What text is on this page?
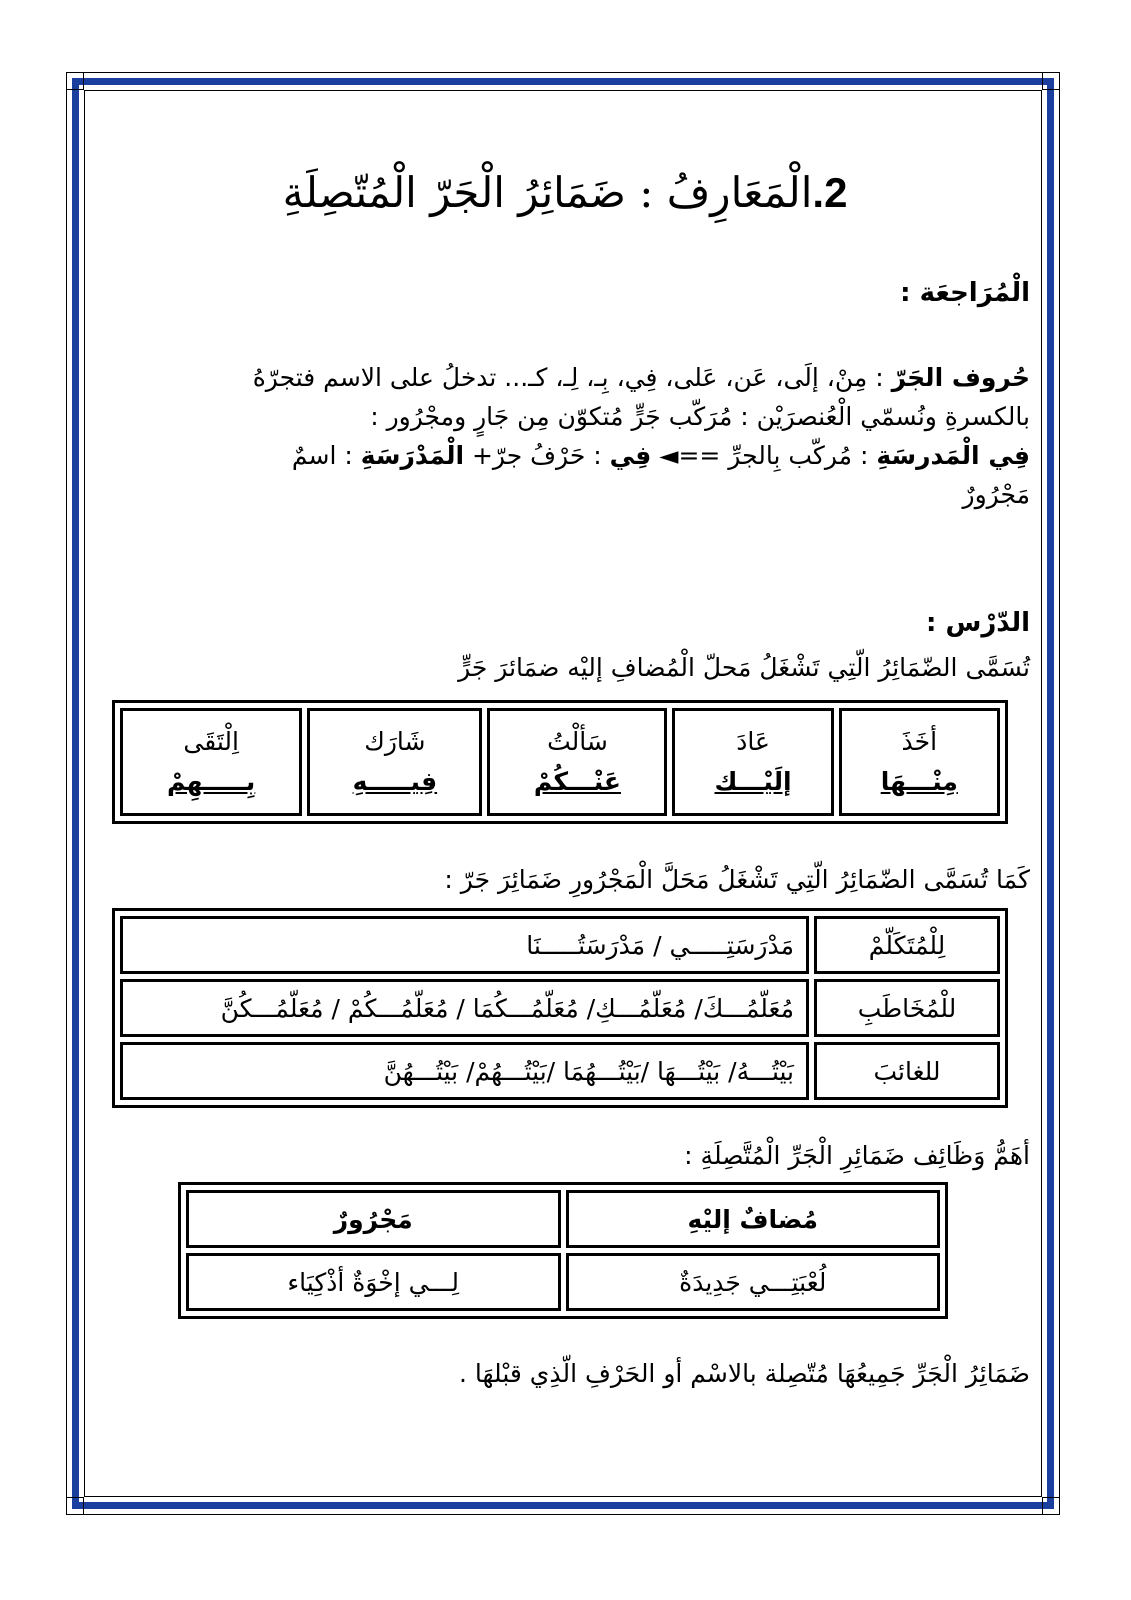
2.الْمَعَارِفُ : ضَمَائِرُ الْجَرّ الْمُتّصِلَةِ
الْمُرَاجعَة :
حُروف الجَرّ : مِنْ، إلَى، عَن، عَلى، فِي، بِـ، لِـ، كـ... تدخلُ على الاسم فتجرّهُ
بالكسرةِ ونُسمّي الْعُنصرَيْن : مُرَكّب جَرٍّ مُتكوّن مِن جَارٍ ومجْرُور :
فِي الْمَدرسَةِ : مُركّب بِالجرِّ ==◄ فِي : حَرْفُ جرّ+ الْمَدْرَسَةِ : اسمٌ
مَجْرُورٌ
الدّرْس :
تُسَمَّى الضّمَائِرُ الّتِي تَشْغَلُ مَحلّ الْمُضافِ إليْه ضمَائرَ جَرٍّ
أخَذَ
مِنْـــهَا

عَادَ
إلَيْـــك

سَألْتُ
عَنْـــكُمْ

شَارَك
فِيـــــهِ

اِلْتَقَى
بِـــــهِمْ
كَمَا تُسَمَّى الضّمَائِرُ الّتِي تَشْغَلُ مَحَلَّ الْمَجْرُورِ ضَمَائِرَ جَرّ :
لِلْمُتَكَلّمْ	مَدْرَسَتِـــــي / مَدْرَسَتُـــــنَا
للْمُخَاطَبِ	مُعَلّمُـــكَ/ مُعَلّمُـــكِ/ مُعَلّمُـــكُمَا / مُعَلّمُـــكُمْ / مُعَلّمُـــكُنَّ
للغائبَ	بَيْتُـــهُ/ بَيْتُـــهَا /بَيْتُـــهُمَا /بَيْتُـــهُمْ/ بَيْتُـــهُنَّ
أهَمُّ وَظَائِف ضَمَائِرِ الْجَرِّ الْمُتَّصِلَةِ :
مُضافٌ إليْهِ	مَجْرُورٌ
لُعْبَتِـــي جَدِيدَةٌ	لِـــي إخْوَةٌ أذْكِيَاء
ضَمَائِرُ الْجَرِّ جَمِيعُهَا مُتّصِلة بالاسْم أو الحَرْفِ الّذِي قبْلهَا .
